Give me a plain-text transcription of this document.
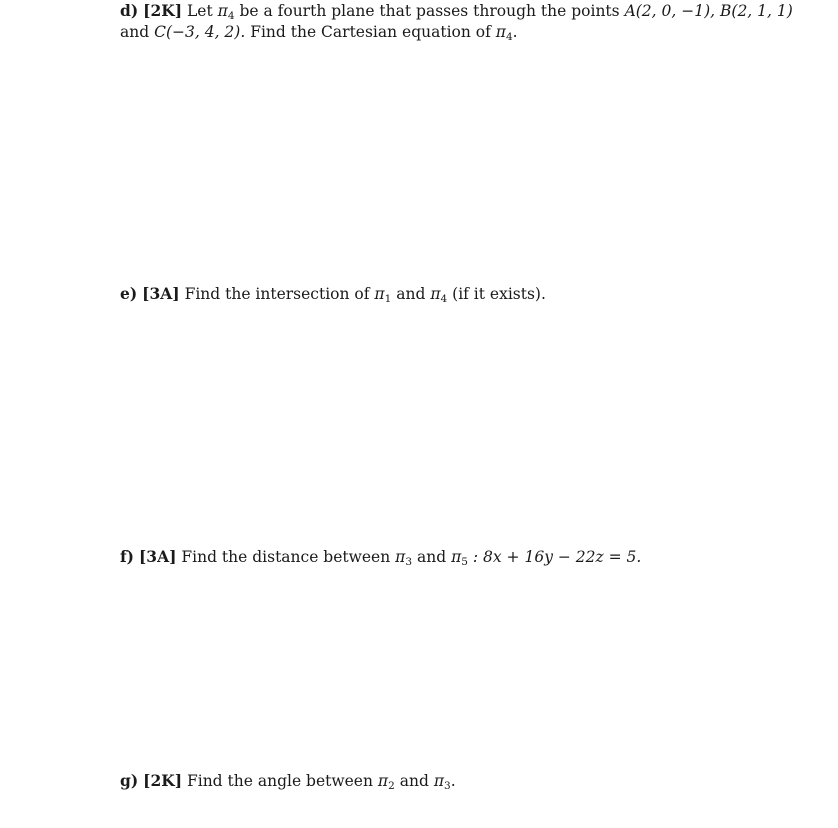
d) [2K] Let $\pi_4$ be a fourth plane that passes through the points A(2, 0, −1), B(2, 1, 1)
and C(−3, 4, 2). Find the Cartesian equation of $\pi_4$.
e) [3A] Find the intersection of $\pi_1$ and $\pi_4$ (if it exists).
f) [3A] Find the distance between $\pi_3$ and $\pi_5$ : 8x + 16y − 22z = 5.
g) [2K] Find the angle between $\pi_2$ and $\pi_3$.
